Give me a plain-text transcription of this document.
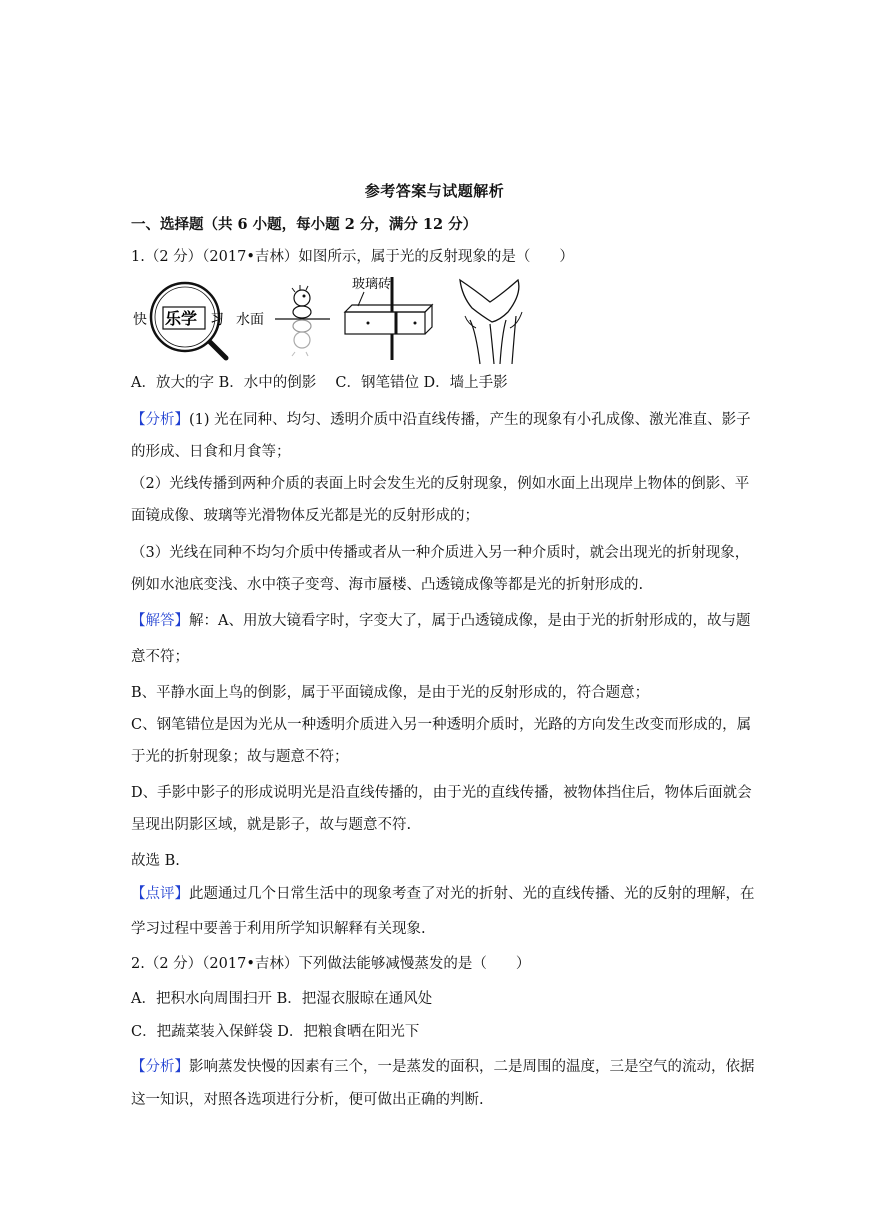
参考答案与试题解析
一、选择题（共 6 小题，每小题 2 分，满分 12 分）
1.（2 分）（2017•吉林）如图所示，属于光的反射现象的是（　　）
快 乐学 习 水面
玻璃砖
A．放大的字 B．水中的倒影　 C．钢笔错位 D．墙上手影
【分析】(1) 光在同种、均匀、透明介质中沿直线传播，产生的现象有小孔成像、激光准直、影子
的形成、日食和月食等；
（2）光线传播到两种介质的表面上时会发生光的反射现象，例如水面上出现岸上物体的倒影、平
面镜成像、玻璃等光滑物体反光都是光的反射形成的；
（3）光线在同种不均匀介质中传播或者从一种介质进入另一种介质时，就会出现光的折射现象，
例如水池底变浅、水中筷子变弯、海市蜃楼、凸透镜成像等都是光的折射形成的.
【解答】解：A、用放大镜看字时，字变大了，属于凸透镜成像，是由于光的折射形成的，故与题
意不符；
B、平静水面上鸟的倒影，属于平面镜成像，是由于光的反射形成的，符合题意；
C、钢笔错位是因为光从一种透明介质进入另一种透明介质时，光路的方向发生改变而形成的，属
于光的折射现象；故与题意不符；
D、手影中影子的形成说明光是沿直线传播的，由于光的直线传播，被物体挡住后，物体后面就会
呈现出阴影区域，就是影子，故与题意不符.
故选 B.
【点评】此题通过几个日常生活中的现象考查了对光的折射、光的直线传播、光的反射的理解，在
学习过程中要善于利用所学知识解释有关现象.
2.（2 分）（2017•吉林）下列做法能够减慢蒸发的是（　　）
A．把积水向周围扫开 B．把湿衣服晾在通风处
C．把蔬菜装入保鲜袋 D．把粮食晒在阳光下
【分析】影响蒸发快慢的因素有三个，一是蒸发的面积，二是周围的温度，三是空气的流动，依据
这一知识，对照各选项进行分析，便可做出正确的判断.
